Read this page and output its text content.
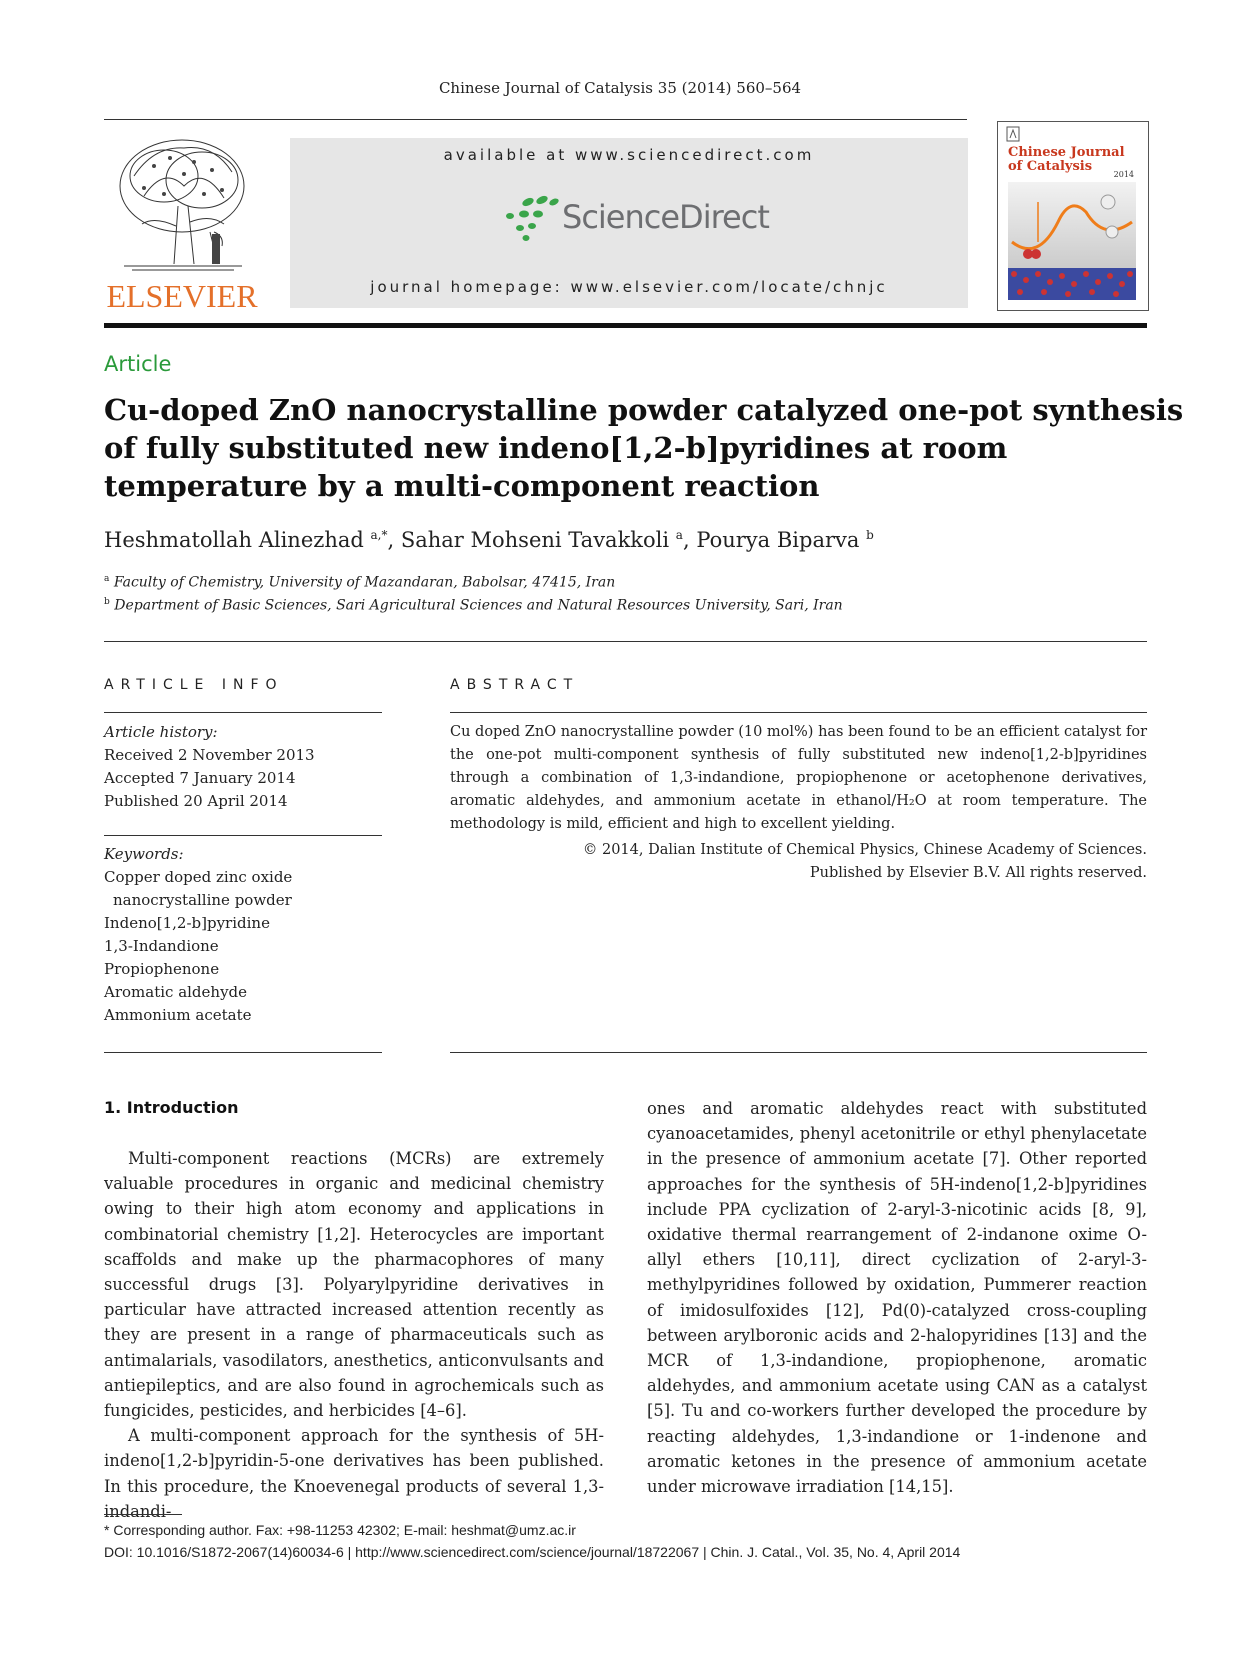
Chinese Journal of Catalysis 35 (2014) 560–564
ELSEVIER
available at www.sciencedirect.com
ScienceDirect
journal homepage: www.elsevier.com/locate/chnjc
Chinese Journal
of Catalysis
2014
Article
Cu-doped ZnO nanocrystalline powder catalyzed one-pot synthesis
of fully substituted new indeno[1,2-b]pyridines at room
temperature by a multi-component reaction
Heshmatollah Alinezhad $^{a,*}$, Sahar Mohseni Tavakkoli $^a$, Pourya Biparva $^b$
$^a$ Faculty of Chemistry, University of Mazandaran, Babolsar, 47415, Iran
$^b$ Department of Basic Sciences, Sari Agricultural Sciences and Natural Resources University, Sari, Iran
ARTICLE INFO
Article history:
Received 2 November 2013
Accepted 7 January 2014
Published 20 April 2014
Keywords:
Copper doped zinc oxide
nanocrystalline powder
Indeno[1,2-b]pyridine
1,3-Indandione
Propiophenone
Aromatic aldehyde
Ammonium acetate
ABSTRACT
Cu doped ZnO nanocrystalline powder (10 mol%) has been found to be an efficient catalyst for the one-pot multi-component synthesis of fully substituted new indeno[1,2-b]pyridines through a combination of 1,3-indandione, propiophenone or acetophenone derivatives, aromatic aldehydes, and ammonium acetate in ethanol/H₂O at room temperature. The methodology is mild, efficient and high to excellent yielding.
© 2014, Dalian Institute of Chemical Physics, Chinese Academy of Sciences.
Published by Elsevier B.V. All rights reserved.
1. Introduction

Multi-component reactions (MCRs) are extremely valuable procedures in organic and medicinal chemistry owing to their high atom economy and applications in combinatorial chemistry [1,2]. Heterocycles are important scaffolds and make up the pharmacophores of many successful drugs [3]. Polyarylpyridine derivatives in particular have attracted increased attention recently as they are present in a range of pharmaceuticals such as antimalarials, vasodilators, anesthetics, anticonvulsants and antiepileptics, and are also found in agrochemicals such as fungicides, pesticides, and herbicides [4–6].

A multi-component approach for the synthesis of 5H-indeno[1,2-b]pyridin-5-one derivatives has been published. In this procedure, the Knoevenegal products of several 1,3-indandi-

ones and aromatic aldehydes react with substituted cyanoacetamides, phenyl acetonitrile or ethyl phenylacetate in the presence of ammonium acetate [7]. Other reported approaches for the synthesis of 5H-indeno[1,2-b]pyridines include PPA cyclization of 2-aryl-3-nicotinic acids [8, 9], oxidative thermal rearrangement of 2-indanone oxime O-allyl ethers [10,11], direct cyclization of 2-aryl-3-methylpyridines followed by oxidation, Pummerer reaction of imidosulfoxides [12], Pd(0)-catalyzed cross-coupling between arylboronic acids and 2-halopyridines [13] and the MCR of 1,3-indandione, propiophenone, aromatic aldehydes, and ammonium acetate using CAN as a catalyst [5]. Tu and co-workers further developed the procedure by reacting aldehydes, 1,3-indandione or 1-indenone and aromatic ketones in the presence of ammonium acetate under microwave irradiation [14,15].

* Corresponding author. Fax: +98-11253 42302; E-mail: heshmat@umz.ac.ir
DOI: 10.1016/S1872-2067(14)60034-6 | http://www.sciencedirect.com/science/journal/18722067 | Chin. J. Catal., Vol. 35, No. 4, April 2014
